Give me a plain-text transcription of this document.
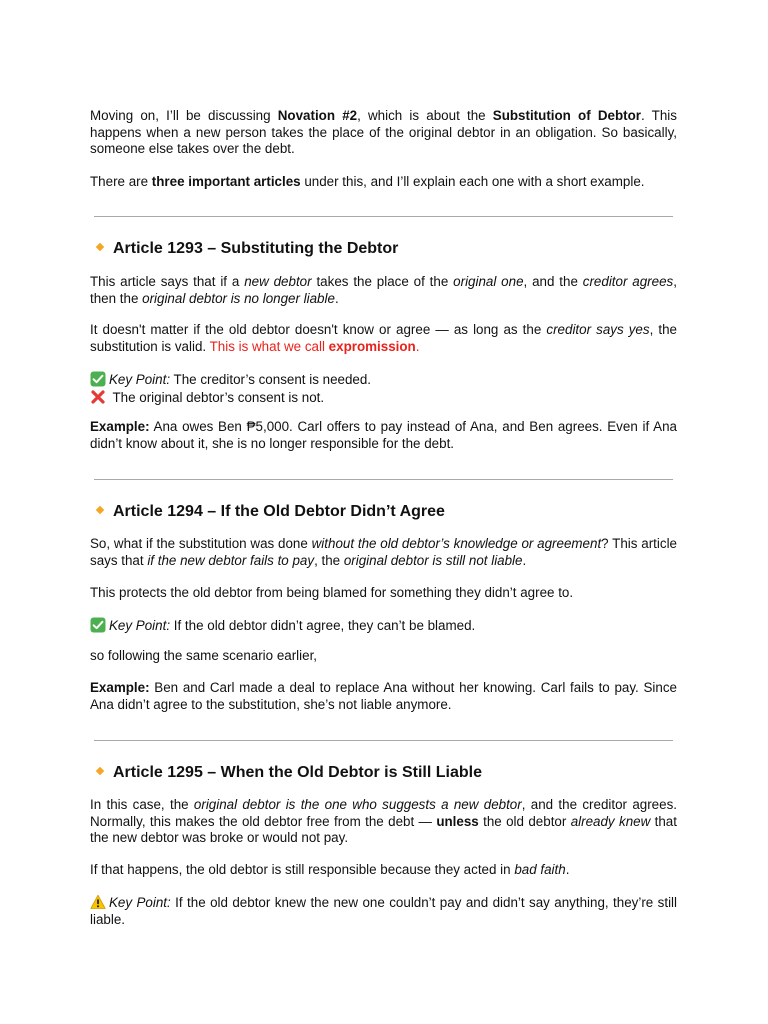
Moving on, I’ll be discussing Novation #2, which is about the Substitution of Debtor. This happens when a new person takes the place of the original debtor in an obligation. So basically, someone else takes over the debt.

There are three important articles under this, and I’ll explain each one with a short example.

Article 1293 – Substituting the Debtor

This article says that if a new debtor takes the place of the original one, and the creditor agrees, then the original debtor is no longer liable.

It doesn't matter if the old debtor doesn't know or agree — as long as the creditor says yes, the substitution is valid. This is what we call expromission.

Key Point: The creditor’s consent is needed.
The original debtor’s consent is not.

Example: Ana owes Ben ₱5,000. Carl offers to pay instead of Ana, and Ben agrees. Even if Ana didn’t know about it, she is no longer responsible for the debt.

Article 1294 – If the Old Debtor Didn’t Agree

So, what if the substitution was done without the old debtor’s knowledge or agreement? This article says that if the new debtor fails to pay, the original debtor is still not liable.

This protects the old debtor from being blamed for something they didn’t agree to.

Key Point: If the old debtor didn’t agree, they can’t be blamed.

so following the same scenario earlier,

Example: Ben and Carl made a deal to replace Ana without her knowing. Carl fails to pay. Since Ana didn’t agree to the substitution, she’s not liable anymore.

Article 1295 – When the Old Debtor is Still Liable

In this case, the original debtor is the one who suggests a new debtor, and the creditor agrees. Normally, this makes the old debtor free from the debt — unless the old debtor already knew that the new debtor was broke or would not pay.

If that happens, the old debtor is still responsible because they acted in bad faith.

Key Point: If the old debtor knew the new one couldn’t pay and didn’t say anything, they’re still liable.
